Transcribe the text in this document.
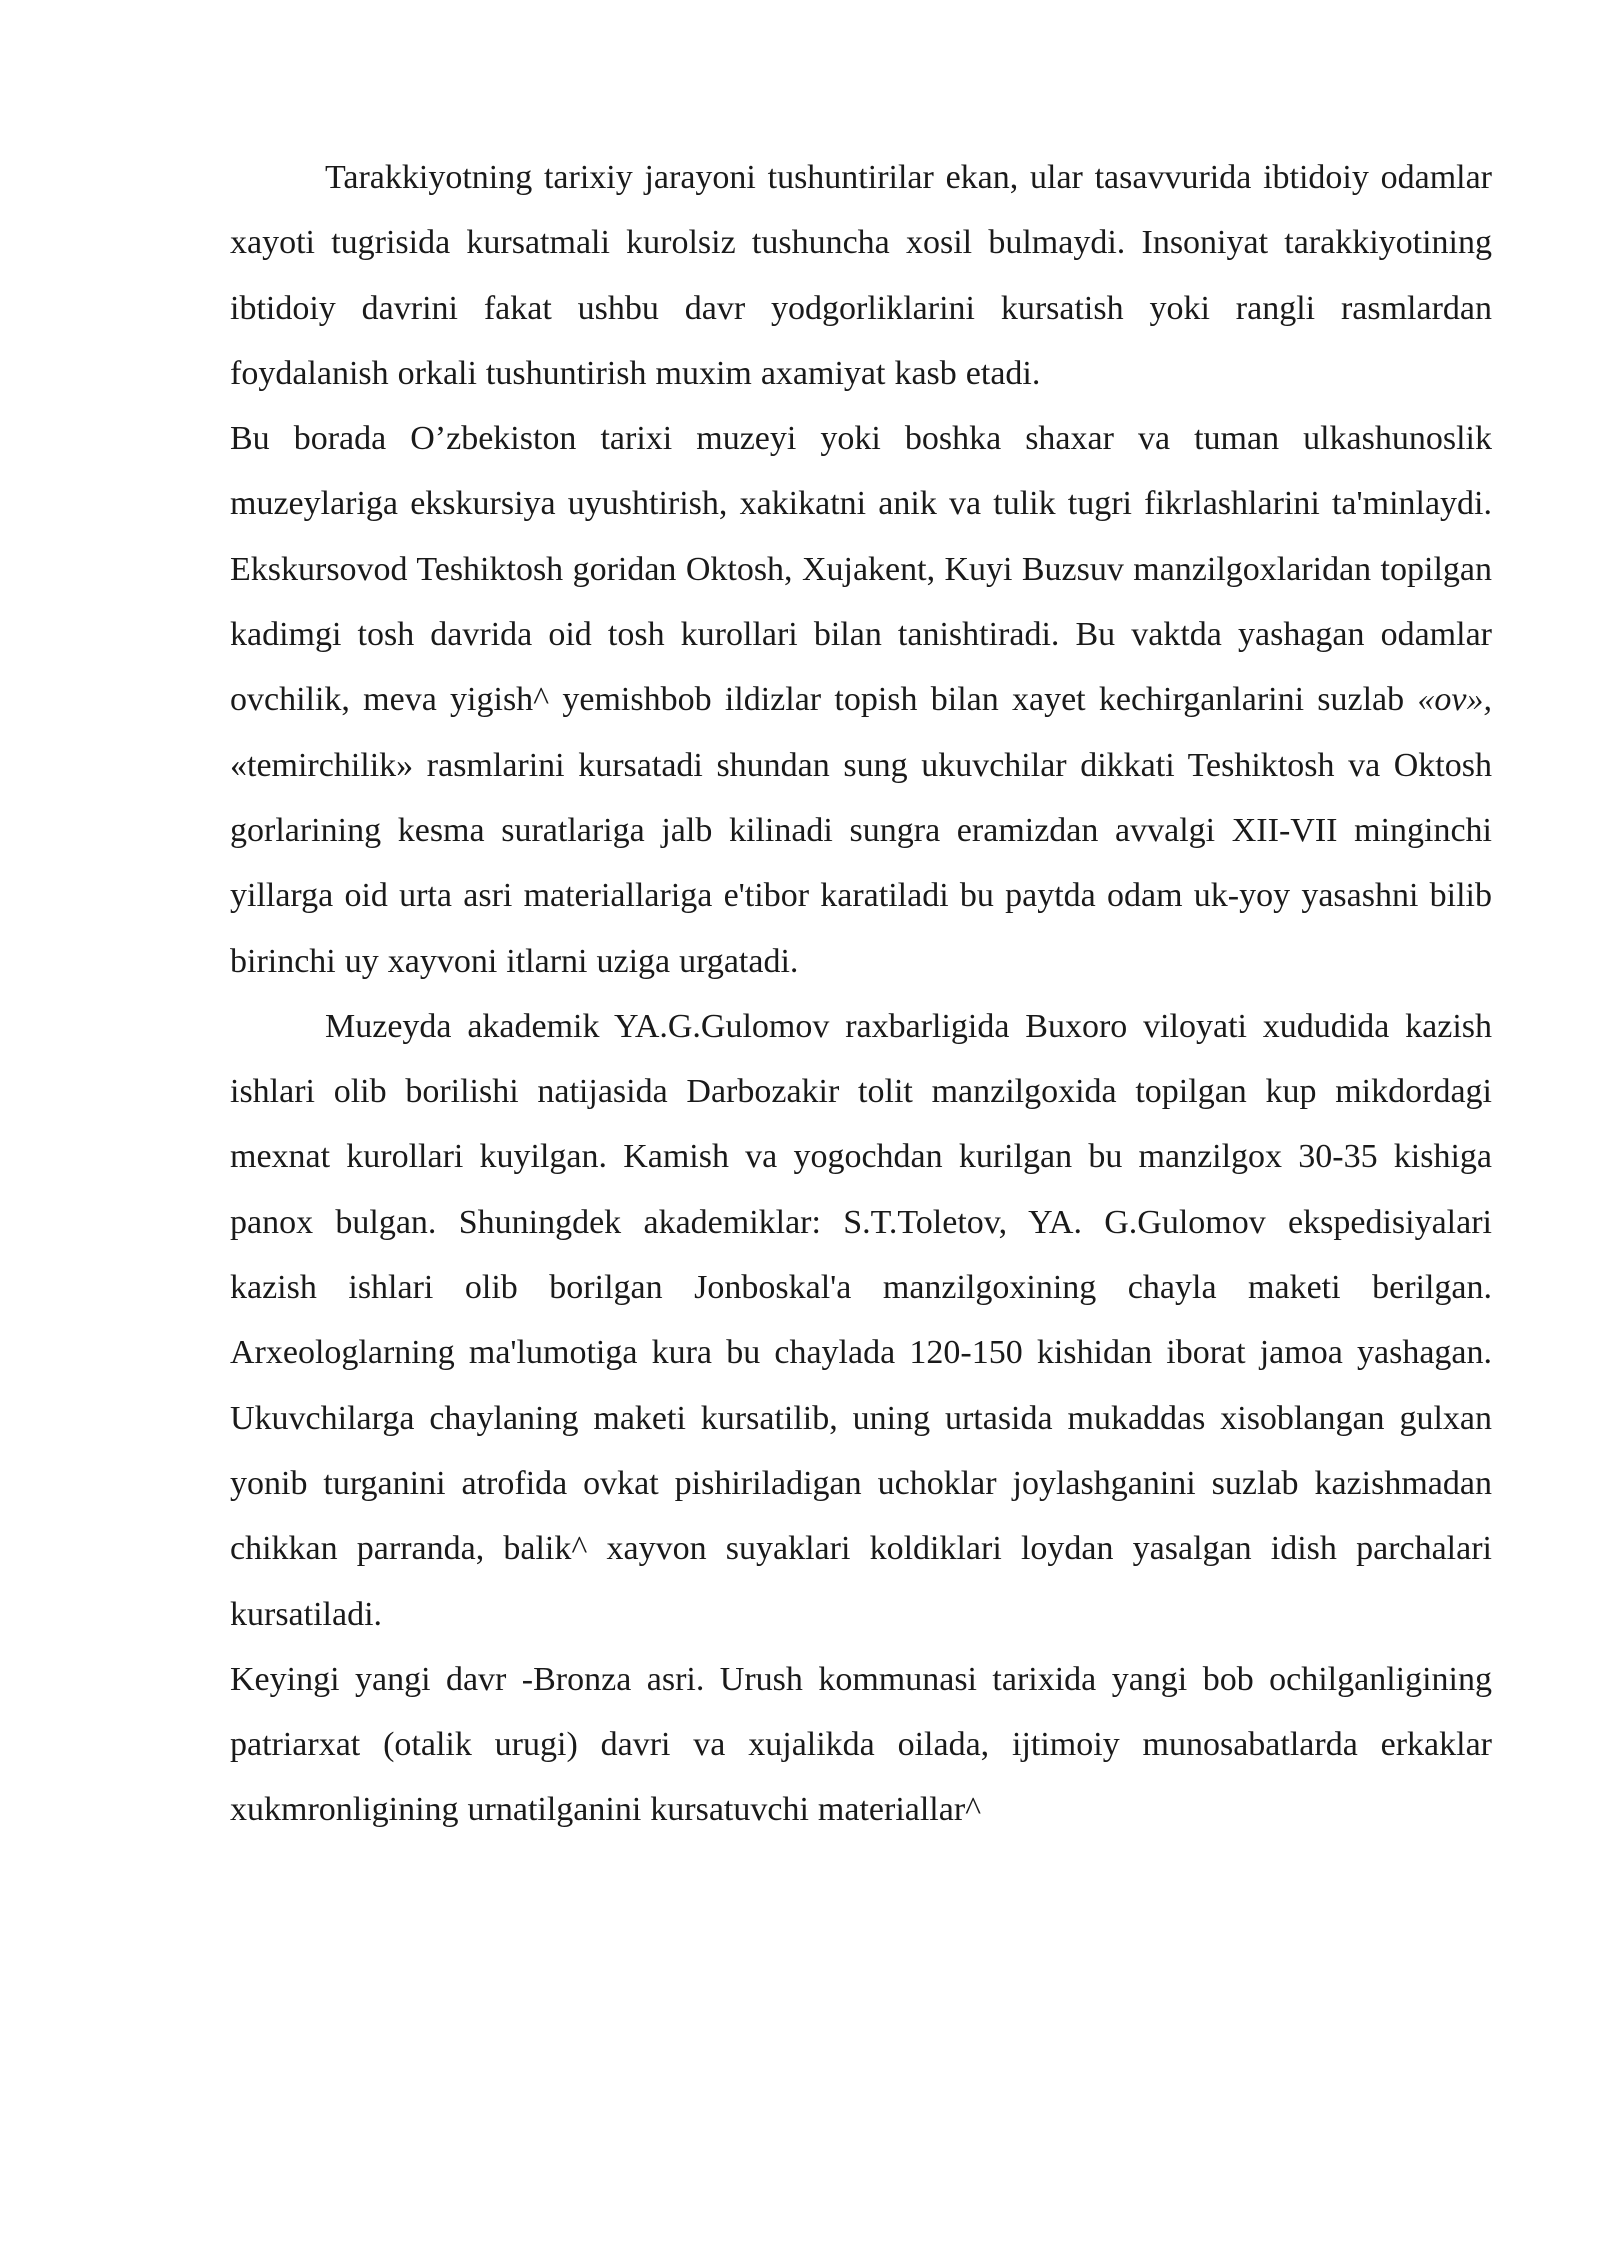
Tarakkiyotning tarixiy jarayoni tushuntirilar ekan, ular tasavvurida ibtidoiy odamlar xayoti tugrisida kursatmali kurolsiz tushuncha xosil bulmaydi. Insoniyat tarakkiyotining ibtidoiy davrini fakat ushbu davr yodgorliklarini kursatish yoki rangli rasmlardan foydalanish orkali tushuntirish muxim axamiyat kasb etadi.

Bu borada O’zbekiston tarixi muzeyi yoki boshka shaxar va tuman ulkashunoslik muzeylariga ekskursiya uyushtirish, xakikatni anik va tulik tugri fikrlashlarini ta'minlaydi. Ekskursovod Teshiktosh goridan Oktosh, Xujakent, Kuyi Buzsuv manzilgoxlaridan topilgan kadimgi tosh davrida oid tosh kurollari bilan tanishtiradi. Bu vaktda yashagan odamlar ovchilik, meva yigish^ yemishbob ildizlar topish bilan xayet kechirganlarini suzlab «ov», «temirchilik» rasmlarini kursatadi shundan sung ukuvchilar dikkati Teshiktosh va Oktosh gorlarining kesma suratlariga jalb kilinadi sungra eramizdan avvalgi XII-VII minginchi yillarga oid urta asri materiallariga e'tibor karatiladi bu paytda odam uk-yoy yasashni bilib birinchi uy xayvoni itlarni uziga urgatadi.

Muzeyda akademik YA.G.Gulomov raxbarligida Buxoro viloyati xududida kazish ishlari olib borilishi natijasida Darbozakir tolit manzilgoxida topilgan kup mikdordagi mexnat kurollari kuyilgan. Kamish va yogochdan kurilgan bu manzilgox 30-35 kishiga panox bulgan. Shuningdek akademiklar: S.T.Toletov, YA. G.Gulomov ekspedisiyalari kazish ishlari olib borilgan Jonboskal'a manzilgoxining chayla maketi berilgan. Arxeologlarning ma'lumotiga kura bu chaylada 120-150 kishidan iborat jamoa yashagan. Ukuvchilarga chaylaning maketi kursatilib, uning urtasida mukaddas xisoblangan gulxan yonib turganini atrofida ovkat pishiriladigan uchoklar joylashganini suzlab kazishmadan chikkan parranda, balik^ xayvon suyaklari koldiklari loydan yasalgan idish parchalari kursatiladi.

Keyingi yangi davr -Bronza asri. Urush kommunasi tarixida yangi bob ochilganligining patriarxat (otalik urugi) davri va xujalikda oilada, ijtimoiy munosabatlarda erkaklar xukmronligining urnatilganini kursatuvchi materiallar^
